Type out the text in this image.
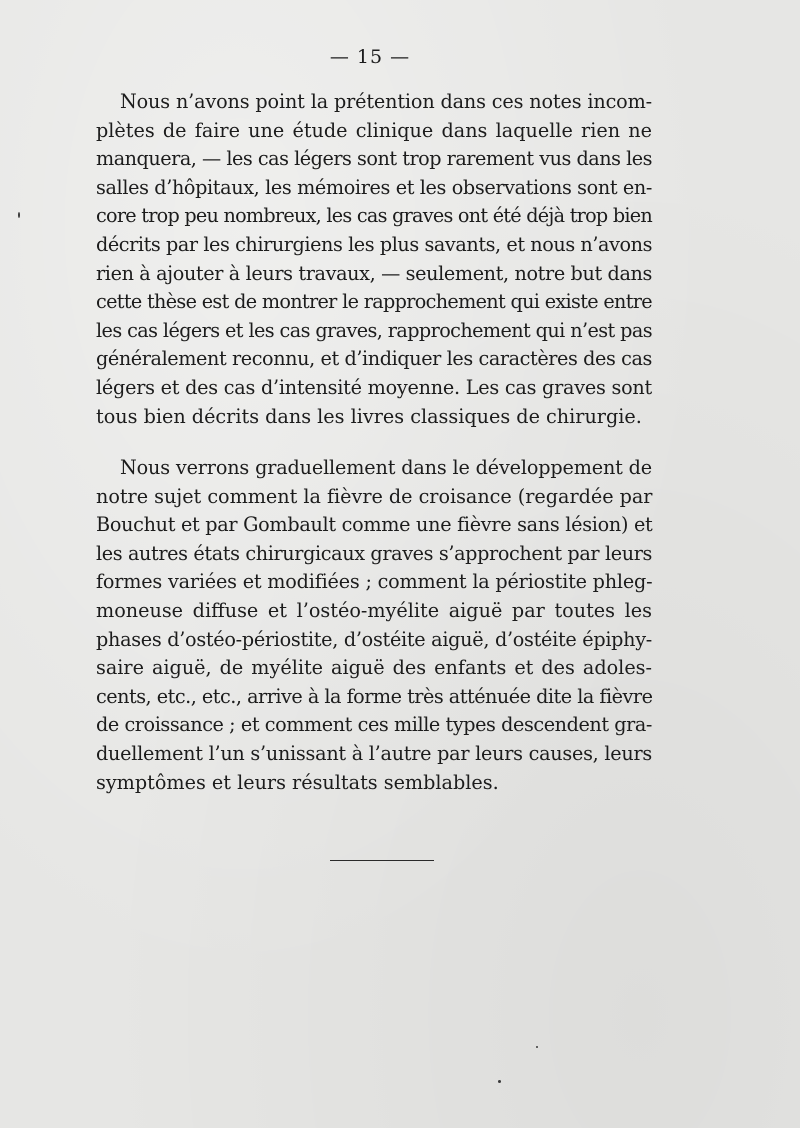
— 15 —
Nous n’avons point la prétention dans ces notes incom-
plètes de faire une étude clinique dans laquelle rien ne
manquera, — les cas légers sont trop rarement vus dans les
salles d’hôpitaux, les mémoires et les observations sont en-
core trop peu nombreux, les cas graves ont été déjà trop bien
décrits par les chirurgiens les plus savants, et nous n’avons
rien à ajouter à leurs travaux, — seulement, notre but dans
cette thèse est de montrer le rapprochement qui existe entre
les cas légers et les cas graves, rapprochement qui n’est pas
généralement reconnu, et d’indiquer les caractères des cas
légers et des cas d’intensité moyenne. Les cas graves sont
tous bien décrits dans les livres classiques de chirurgie.
Nous verrons graduellement dans le développement de
notre sujet comment la fièvre de croisance (regardée par
Bouchut et par Gombault comme une fièvre sans lésion) et
les autres états chirurgicaux graves s’approchent par leurs
formes variées et modifiées ; comment la périostite phleg-
moneuse diffuse et l’ostéo-myélite aiguë par toutes les
phases d’ostéo-périostite, d’ostéite aiguë, d’ostéite épiphy-
saire aiguë, de myélite aiguë des enfants et des adoles-
cents, etc., etc., arrive à la forme très atténuée dite la fièvre
de croissance ; et comment ces mille types descendent gra-
duellement l’un s’unissant à l’autre par leurs causes, leurs
symptômes et leurs résultats semblables.
